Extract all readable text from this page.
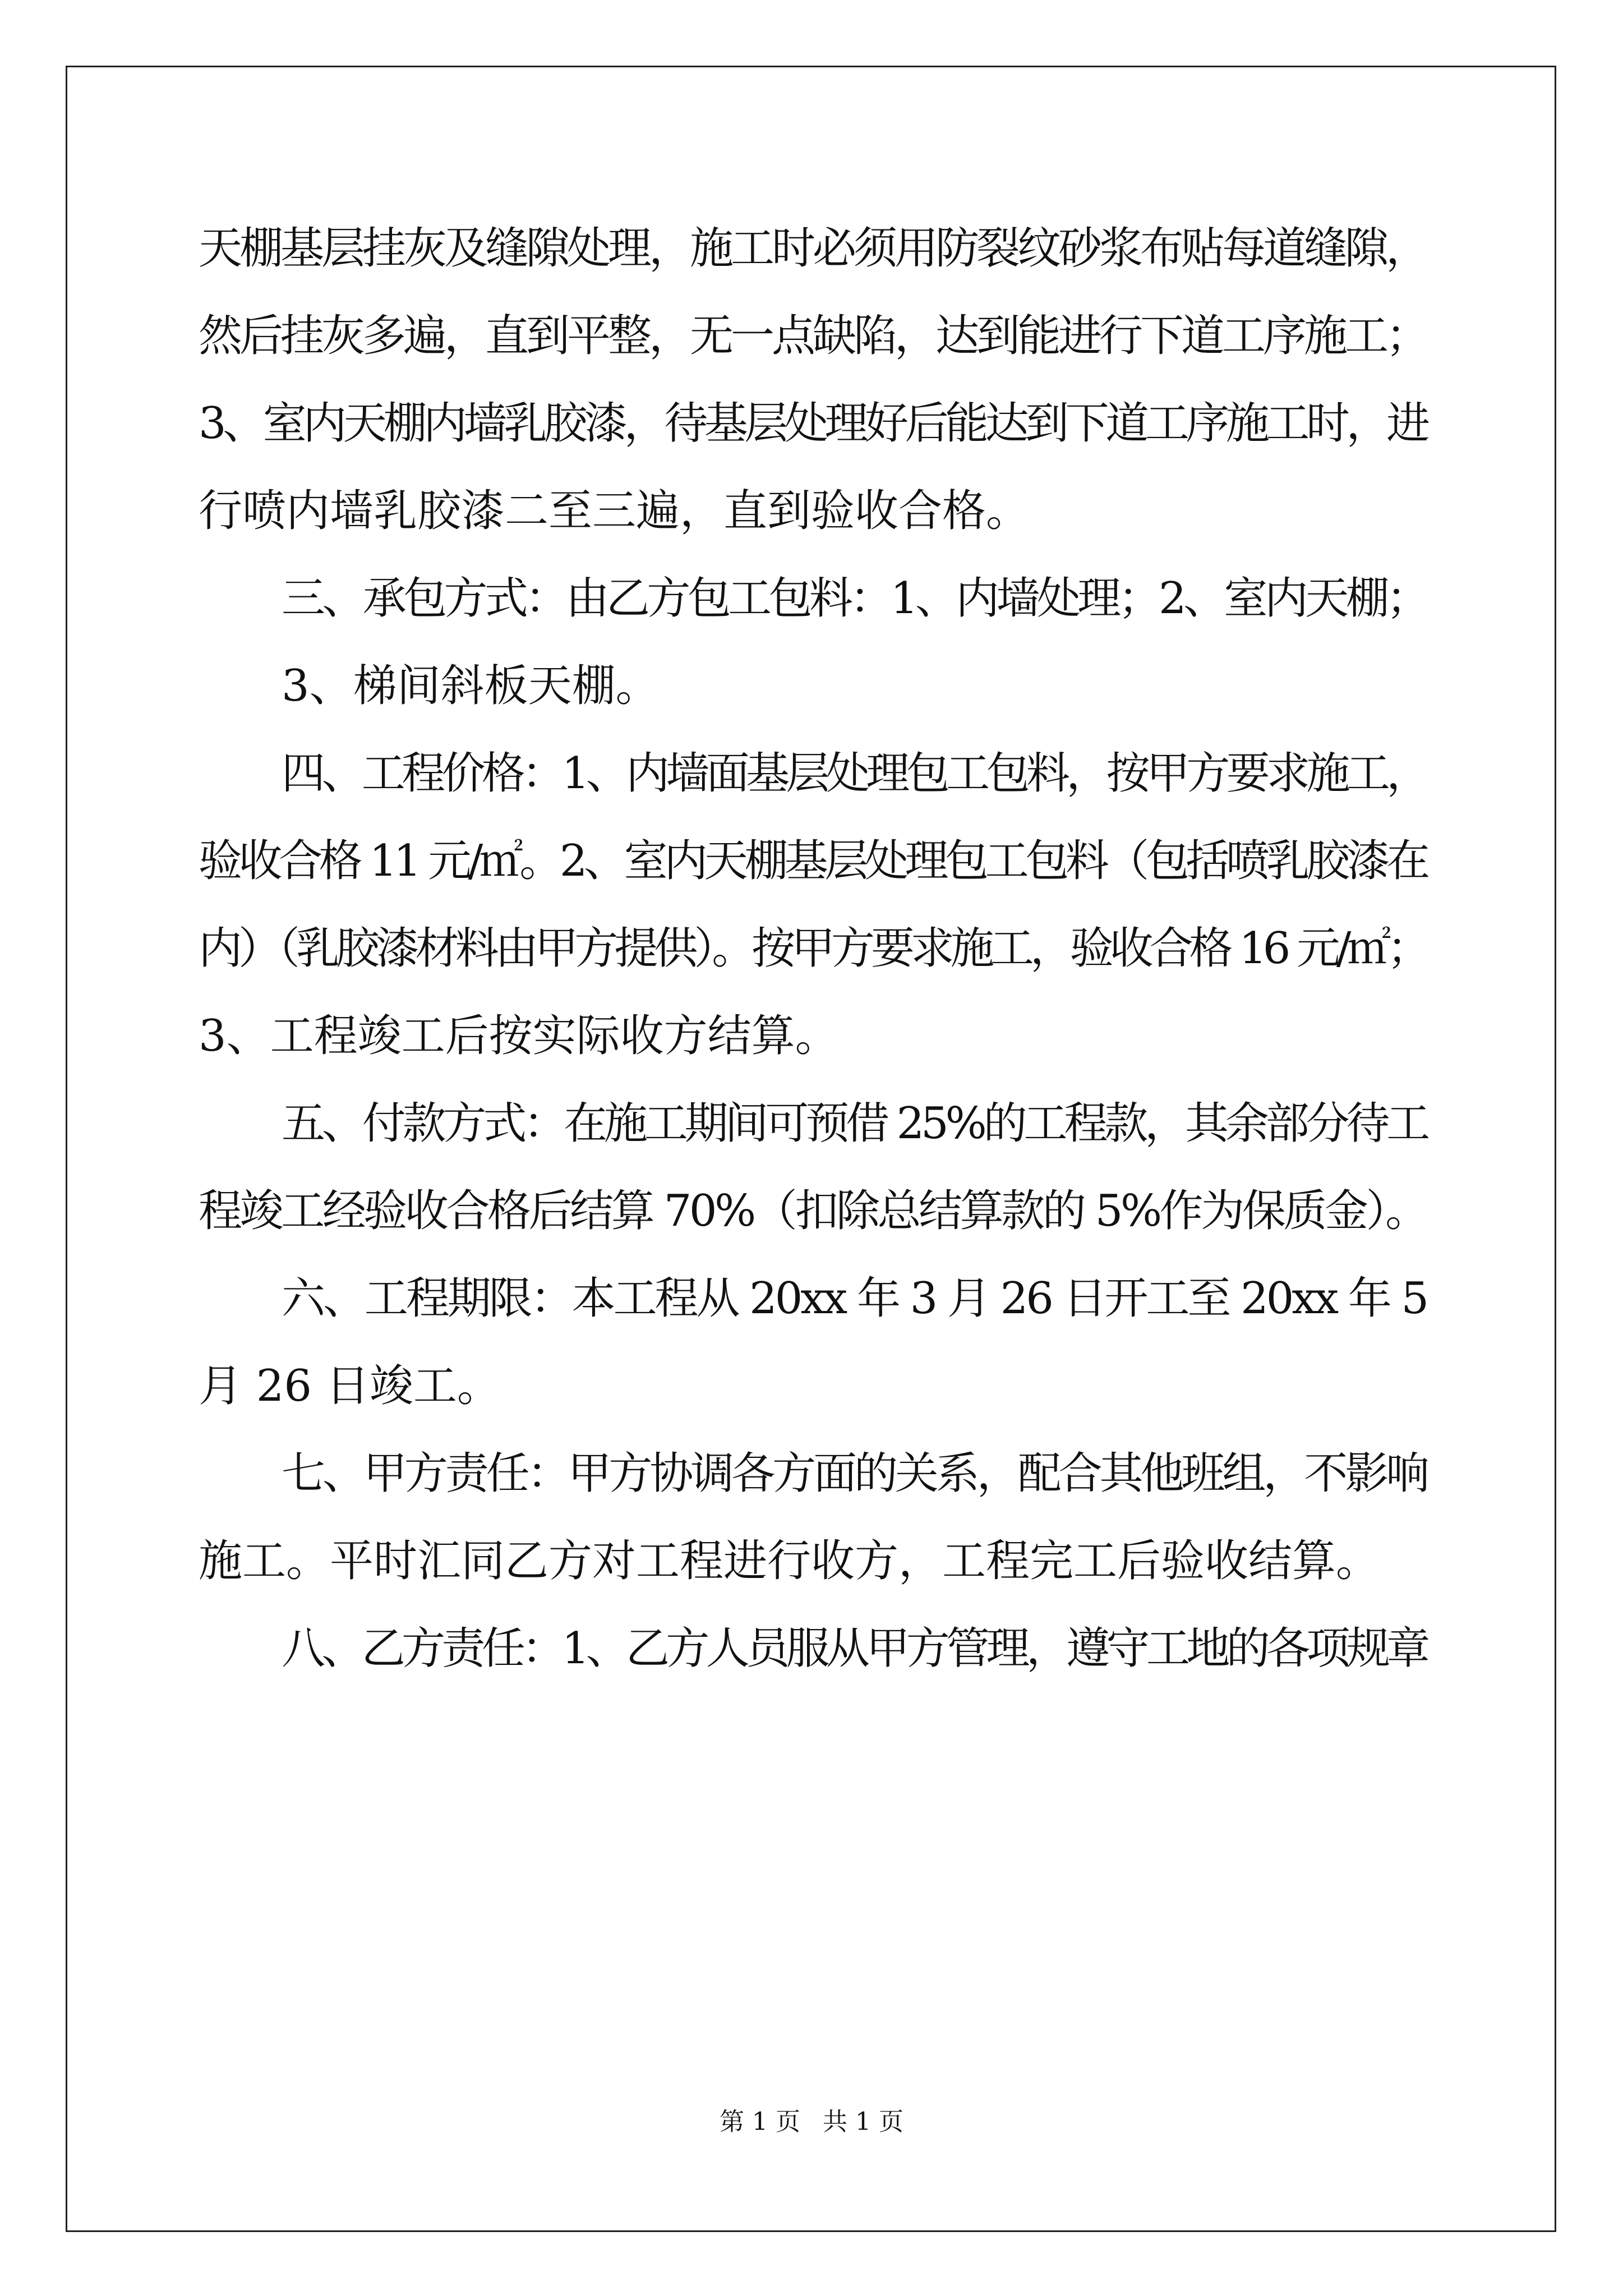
天棚基层挂灰及缝隙处理，施工时必须用防裂纹砂浆布贴每道缝隙，
然后挂灰多遍，直到平整，无一点缺陷，达到能进行下道工序施工；
3、室内天棚内墙乳胶漆，待基层处理好后能达到下道工序施工时，进
行喷内墙乳胶漆二至三遍，直到验收合格。
三、承包方式：由乙方包工包料：1、内墙处理；2、室内天棚；
3、梯间斜板天棚。
四、工程价格：1、内墙面基层处理包工包料，按甲方要求施工，
验收合格 11 元/㎡。2、室内天棚基层处理包工包料（包括喷乳胶漆在
内）（乳胶漆材料由甲方提供）。按甲方要求施工，验收合格 16 元/㎡；
3、工程竣工后按实际收方结算。
五、付款方式：在施工期间可预借 25%的工程款，其余部分待工
程竣工经验收合格后结算 70%（扣除总结算款的 5%作为保质金）。
六、工程期限：本工程从 20xx 年 3 月 26 日开工至 20xx 年 5
月 26 日竣工。
七、甲方责任：甲方协调各方面的关系，配合其他班组，不影响
施工。平时汇同乙方对工程进行收方，工程完工后验收结算。
八、乙方责任：1、乙方人员服从甲方管理，遵守工地的各项规章
第 1 页 共 1 页
